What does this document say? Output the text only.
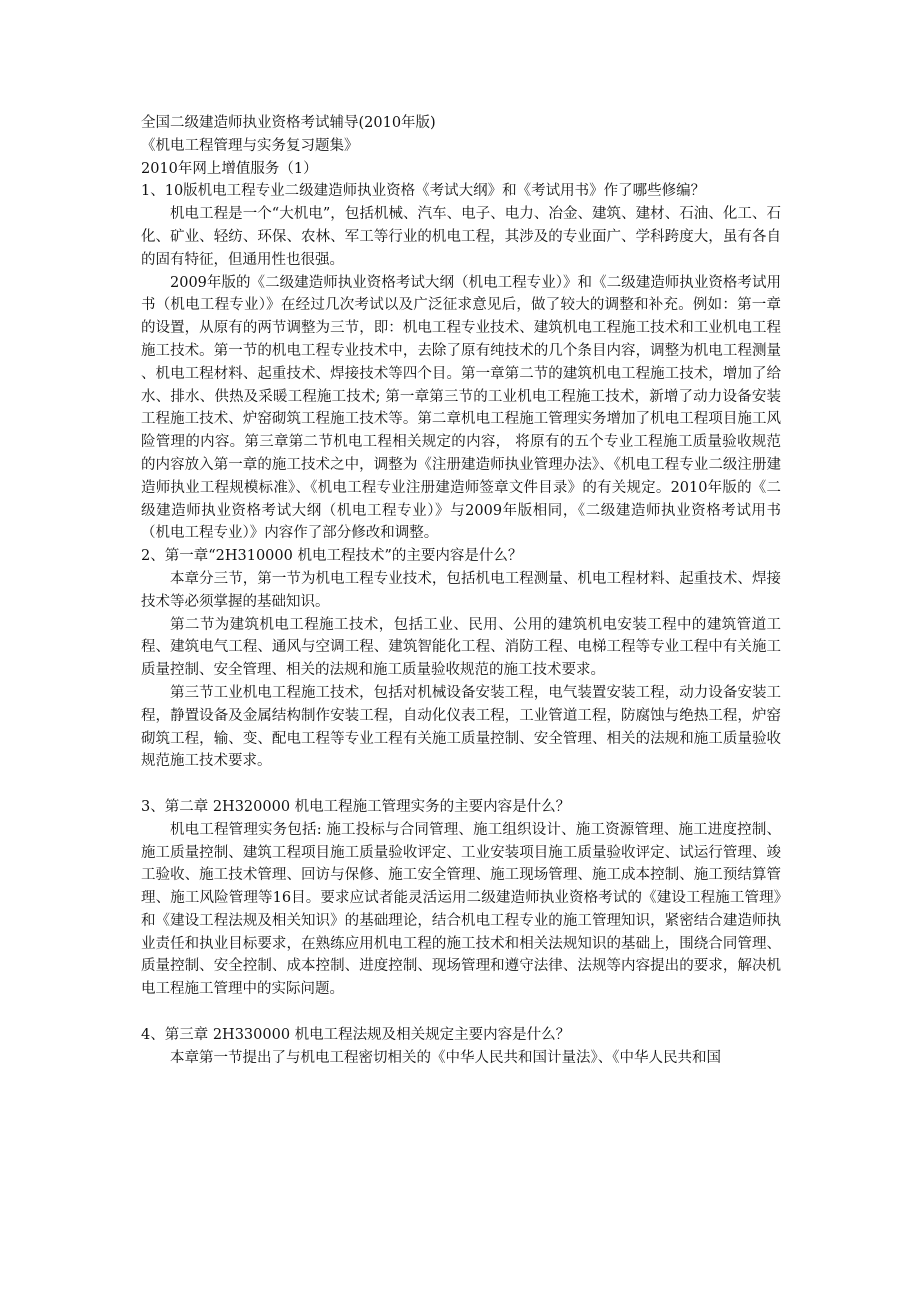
全国二级建造师执业资格考试辅导(2010年版)
《机电工程管理与实务复习题集》
2010年网上增值服务（1）
1、10版机电工程专业二级建造师执业资格《考试大纲》和《考试用书》作了哪些修编？

机电工程是一个“大机电”，包括机械、汽车、电子、电力、冶金、建筑、建材、石油、化工、石化、矿业、轻纺、环保、农林、军工等行业的机电工程，其涉及的专业面广、学科跨度大，虽有各自的固有特征，但通用性也很强。

2009年版的《二级建造师执业资格考试大纲（机电工程专业）》和《二级建造师执业资格考试用书（机电工程专业）》在经过几次考试以及广泛征求意见后，做了较大的调整和补充。例如：第一章的设置，从原有的两节调整为三节，即：机电工程专业技术、建筑机电工程施工技术和工业机电工程施工技术。第一节的机电工程专业技术中，去除了原有纯技术的几个条目内容，调整为机电工程测量 、机电工程材料、起重技术、焊接技术等四个目。第一章第二节的建筑机电工程施工技术，增加了给水、排水、供热及采暖工程施工技术; 第一章第三节的工业机电工程施工技术，新增了动力设备安装工程施工技术、炉窑砌筑工程施工技术等。第二章机电工程施工管理实务增加了机电工程项目施工风险管理的内容。第三章第二节机电工程相关规定的内容， 将原有的五个专业工程施工质量验收规范的内容放入第一章的施工技术之中，调整为《注册建造师执业管理办法》、《机电工程专业二级注册建造师执业工程规模标准》、《机电工程专业注册建造师签章文件目录》的有关规定。2010年版的《二级建造师执业资格考试大纲（机电工程专业）》与2009年版相同，《二级建造师执业资格考试用书（机电工程专业）》内容作了部分修改和调整。

2、第一章“2H310000 机电工程技术”的主要内容是什么？

本章分三节，第一节为机电工程专业技术，包括机电工程测量、机电工程材料、起重技术、焊接技术等必须掌握的基础知识。

第二节为建筑机电工程施工技术，包括工业、民用、公用的建筑机电安装工程中的建筑管道工程、建筑电气工程、通风与空调工程、建筑智能化工程、消防工程、电梯工程等专业工程中有关施工质量控制、安全管理、相关的法规和施工质量验收规范的施工技术要求。

第三节工业机电工程施工技术，包括对机械设备安装工程，电气装置安装工程，动力设备安装工程，静置设备及金属结构制作安装工程，自动化仪表工程，工业管道工程，防腐蚀与绝热工程，炉窑砌筑工程，输、变、配电工程等专业工程有关施工质量控制、安全管理、相关的法规和施工质量验收规范施工技术要求。

3、第二章 2H320000 机电工程施工管理实务的主要内容是什么？

机电工程管理实务包括: 施工投标与合同管理、施工组织设计、施工资源管理、施工进度控制、施工质量控制、建筑工程项目施工质量验收评定、工业安装项目施工质量验收评定、试运行管理、竣工验收、施工技术管理、回访与保修、施工安全管理、施工现场管理、施工成本控制、施工预结算管理、施工风险管理等16目。要求应试者能灵活运用二级建造师执业资格考试的《建设工程施工管理》和《建设工程法规及相关知识》的基础理论，结合机电工程专业的施工管理知识，紧密结合建造师执业责任和执业目标要求，在熟练应用机电工程的施工技术和相关法规知识的基础上，围绕合同管理、质量控制、安全控制、成本控制、进度控制、现场管理和遵守法律、法规等内容提出的要求，解决机电工程施工管理中的实际问题。

4、第三章 2H330000 机电工程法规及相关规定主要内容是什么？

本章第一节提出了与机电工程密切相关的《中华人民共和国计量法》、《中华人民共和国
